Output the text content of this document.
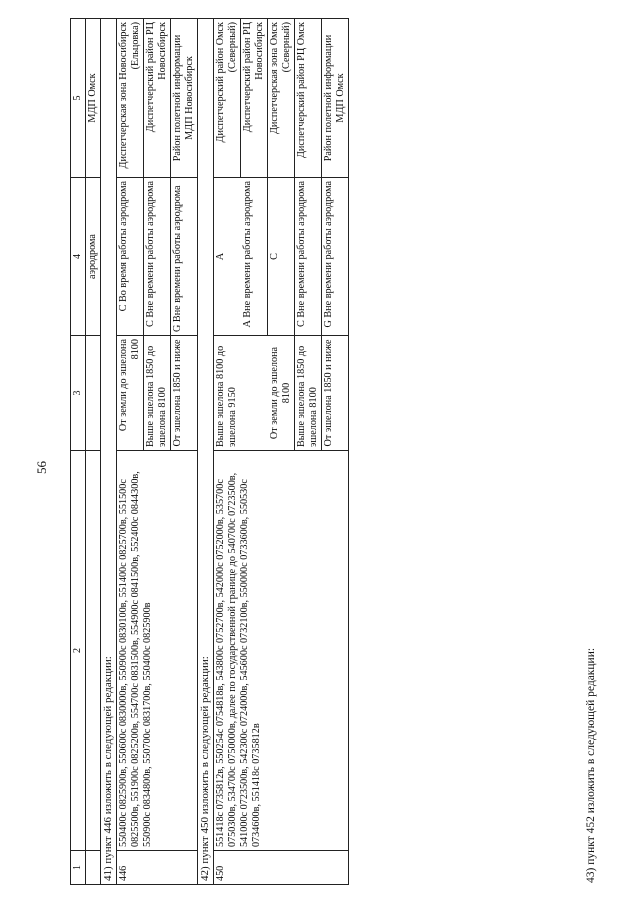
56
1	2	3	4	5
			аэродрома	МДП Омск
41) пункт 446 изложить в следующей редакции:				
446	550400с 0825900в, 550600с 0830000в, 550900с 0830100в, 551400с 0825700в, 551500с 0825500в, 551900с 0825200в, 554700с 0831500в, 554900с 0841500в, 552400с 0844300в, 550900с 0834800в, 550700с 0831700в, 550400с 0825900в	От земли до эшелона 8100	С Во время работы аэродрома	Диспетчерская зона Новосибирск (Ельцовка)
		Выше эшелона 1850 до эшелона 8100	С Вне времени работы аэродрома	Диспетчерский район РЦ Новосибирск
		От эшелона 1850 и ниже	G Вне времени работы аэродрома	Район полетной информации МДП Новосибирск
42) пункт 450 изложить в следующей редакции:				
450	551418с 0735812в, 550254с 0754818в, 543800с 0752700в, 542000с 0752000в, 535700с 0750300в, 534700с 0750000в, далее по государственной границе до 540700с 0723500в, 541000с 0723500в, 542300с 0724000в, 545600с 0732100в, 550000с 0733600в, 550530с 0734600в, 551418с 0735812в	Выше эшелона 8100 до эшелона 9150	А	Диспетчерский район Омск (Северный)
			А Вне времени работы аэродрома	Диспетчерский район РЦ Новосибирск
		От земли до эшелона 8100	С	Диспетчерская зона Омск (Северный)
		Выше эшелона 1850 до эшелона 8100	С Вне времени работы аэродрома	Диспетчерский район РЦ Омск
		От эшелона 1850 и ниже	G Вне времени работы аэродрома	Район полетной информации МДП Омск
43) пункт 452 изложить в следующей редакции:
